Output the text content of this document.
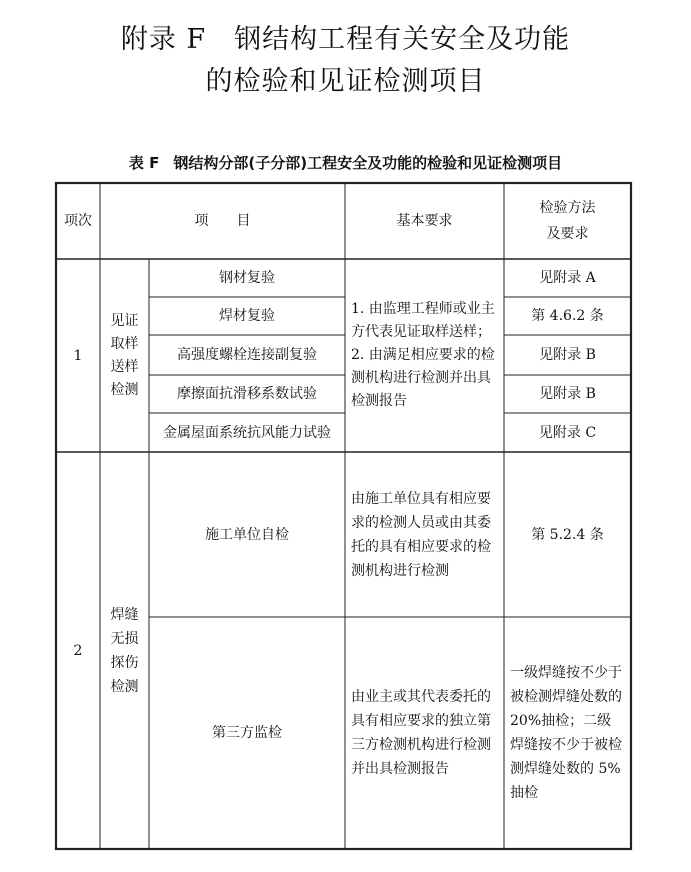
附录 F　钢结构工程有关安全及功能
的检验和见证检测项目
表 F 钢结构分部(子分部)工程安全及功能的检验和见证检测项目
项次	项　　目	基本要求
检验方法
及要求
1
见证
取样
送样
检测
钢材复验
焊材复验
高强度螺栓连接副复验
摩擦面抗滑移系数试验
金属屋面系统抗风能力试验
1. 由监理工程师或业主方代表见证取样送样；
2. 由满足相应要求的检测机构进行检测并出具检测报告
见附录 A
第 4.6.2 条
见附录 B
见附录 B
见附录 C
2
焊缝
无损
探伤
检测
施工单位自检
由施工单位具有相应要求的检测人员或由其委托的具有相应要求的检测机构进行检测
第 5.2.4 条
第三方监检
由业主或其代表委托的具有相应要求的独立第三方检测机构进行检测并出具检测报告
一级焊缝按不少于被检测焊缝处数的20%抽检；二级焊缝按不少于被检测焊缝处数的 5%抽检
